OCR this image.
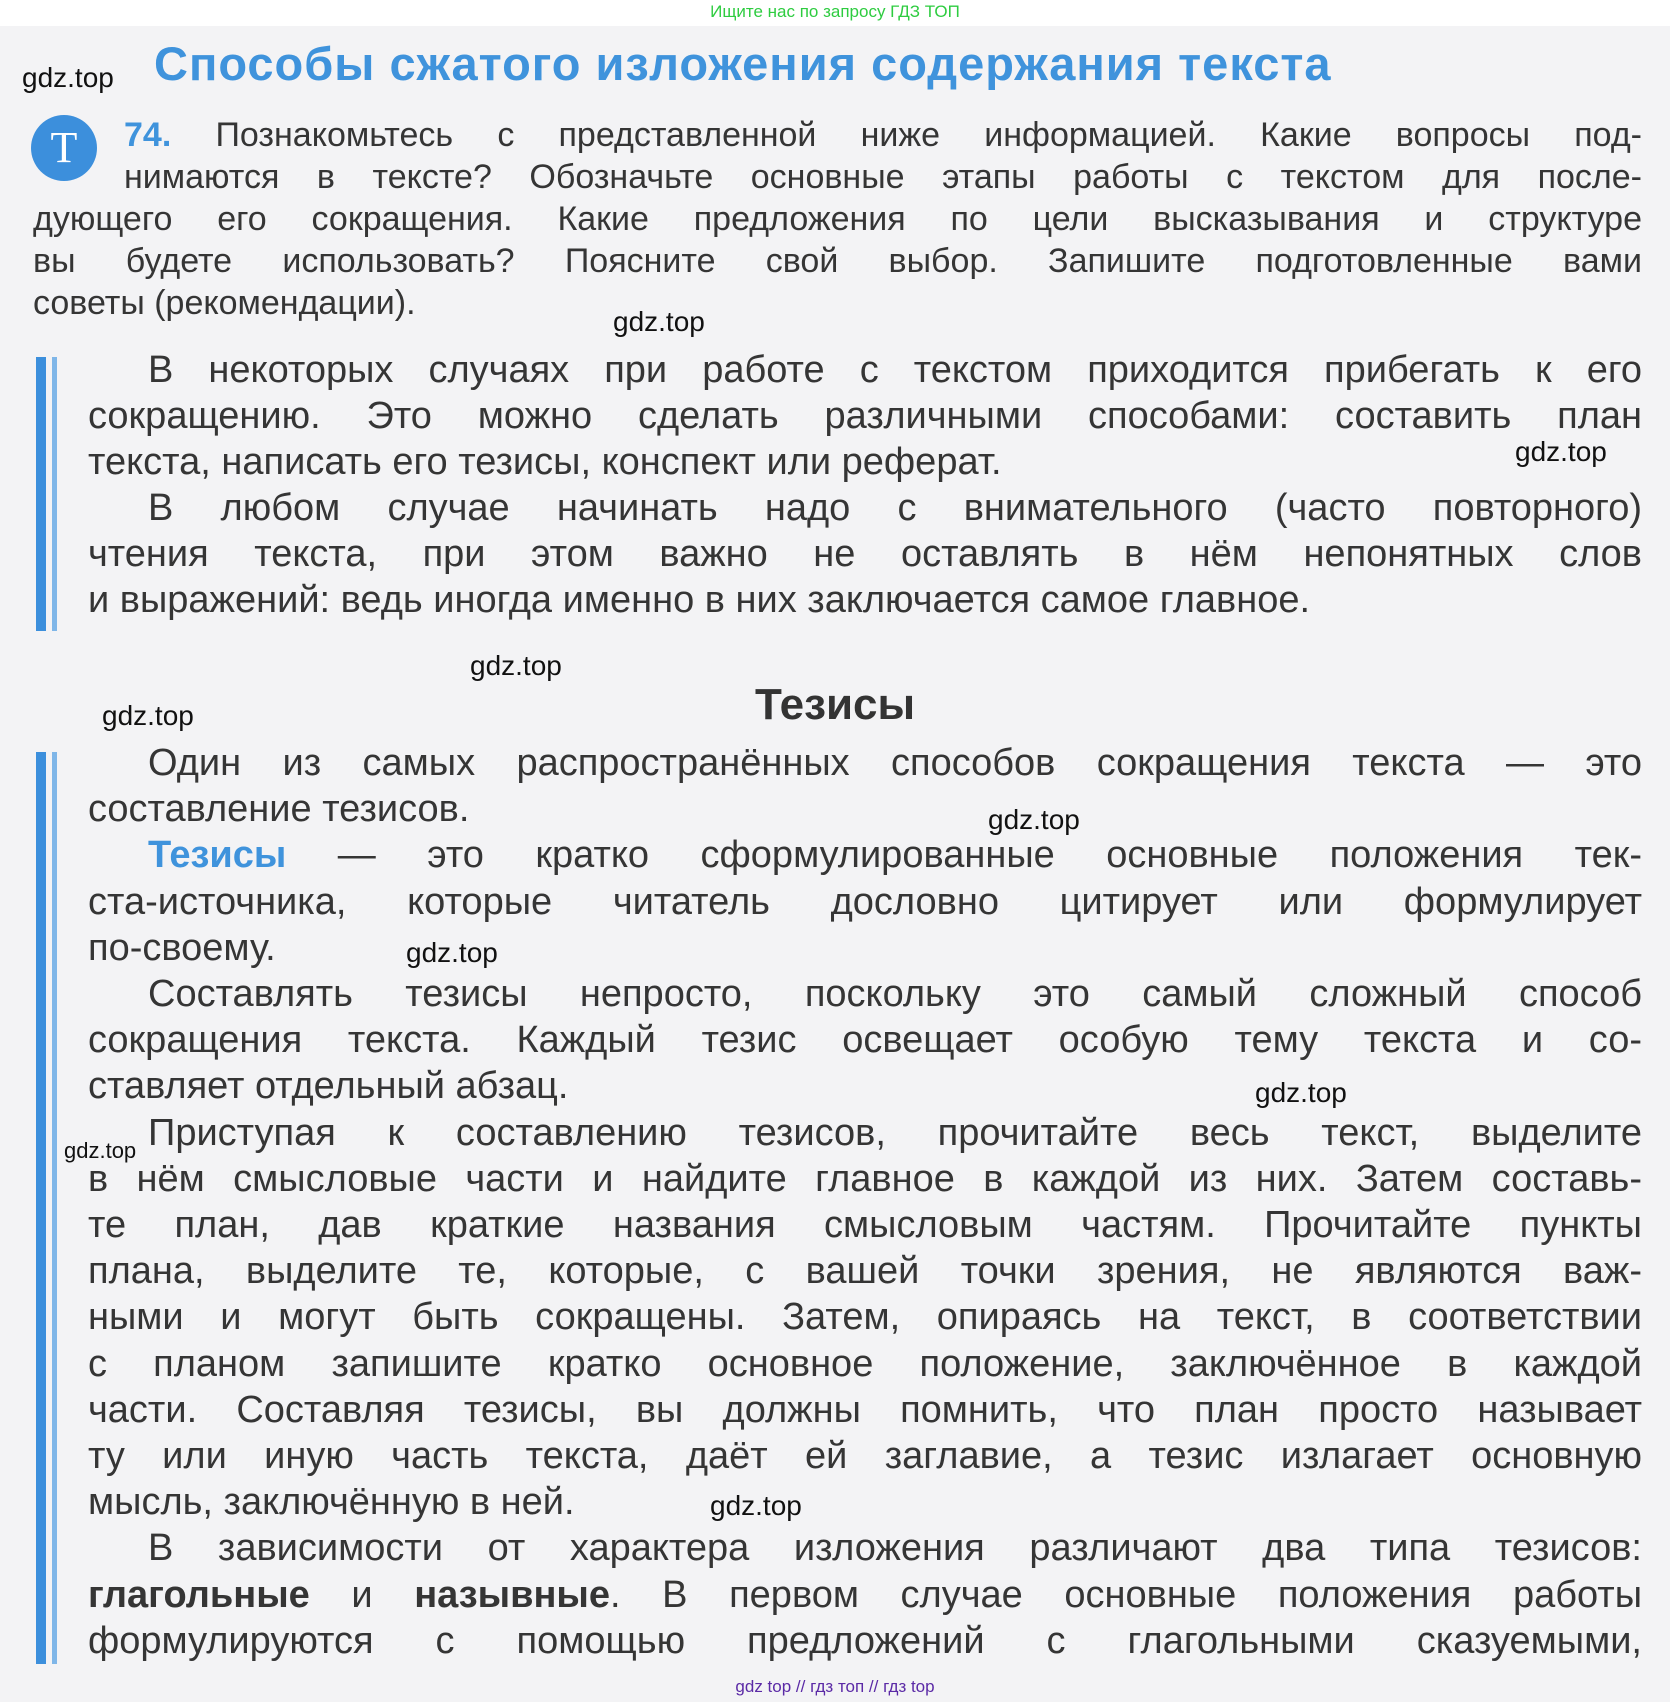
Ищите нас по запросу ГДЗ ТОП
Способы сжатого изложения содержания текста
Т	74. Познакомьтесь с представленной ниже информацией. Какие вопросы под-
нимаются в тексте? Обозначьте основные этапы работы с текстом для после-
дующего его сокращения. Какие предложения по цели высказывания и структуре
вы будете использовать? Поясните свой выбор. Запишите подготовленные вами
советы (рекомендации).
В некоторых случаях при работе с текстом приходится прибегать к его
сокращению. Это можно сделать различными способами: составить план
текста, написать его тезисы, конспект или реферат.
В любом случае начинать надо с внимательного (часто повторного)
чтения текста, при этом важно не оставлять в нём непонятных слов
и выражений: ведь иногда именно в них заключается самое главное.
Тезисы
Один из самых распространённых способов сокращения текста — это
составление тезисов.
Тезисы — это кратко сформулированные основные положения тек-
ста-источника, которые читатель дословно цитирует или формулирует
по-своему.
Составлять тезисы непросто, поскольку это самый сложный способ
сокращения текста. Каждый тезис освещает особую тему текста и со-
ставляет отдельный абзац.
Приступая к составлению тезисов, прочитайте весь текст, выделите
в нём смысловые части и найдите главное в каждой из них. Затем составь-
те план, дав краткие названия смысловым частям. Прочитайте пункты
плана, выделите те, которые, с вашей точки зрения, не являются важ-
ными и могут быть сокращены. Затем, опираясь на текст, в соответствии
с планом запишите кратко основное положение, заключённое в каждой
части. Составляя тезисы, вы должны помнить, что план просто называет
ту или иную часть текста, даёт ей заглавие, а тезис излагает основную
мысль, заключённую в ней.
В зависимости от характера изложения различают два типа тезисов:
глагольные и назывные. В первом случае основные положения работы
формулируются с помощью предложений с глагольными сказуемыми,
gdz.top
gdz.top
gdz.top
gdz.top
gdz.top
gdz.top
gdz.top
gdz.top
gdz.top
gdz.top
gdz top // гдз топ // гдз top
